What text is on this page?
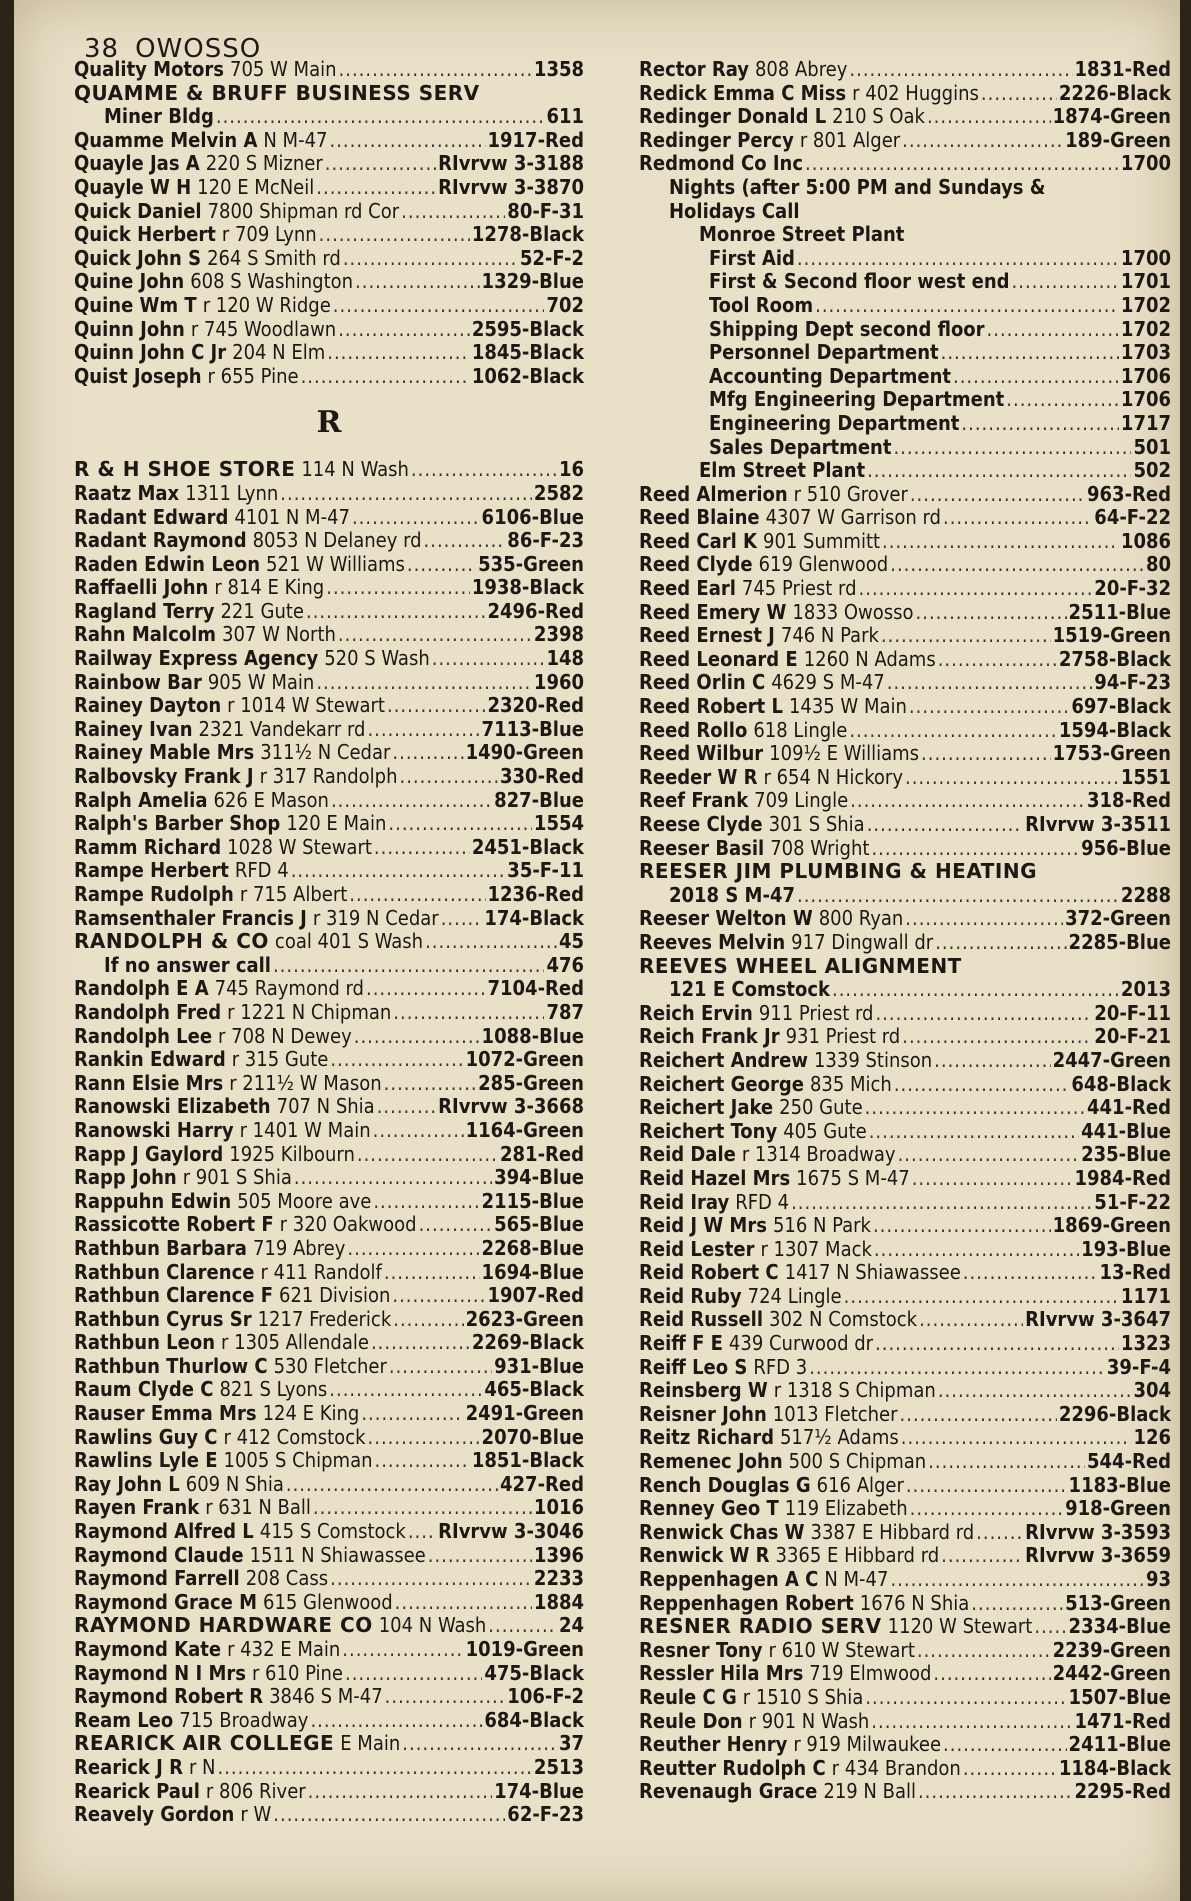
38 OWOSSO
Quality Motors 705 W Main .....	1358
QUAMME & BRUFF BUSINESS SERV
Miner Bldg .....	611
Quamme Melvin A N M-47 .....	1917-Red
Quayle Jas A 220 S Mizner .....	RIvrvw 3-3188
Quayle W H 120 E McNeil .....	RIvrvw 3-3870
Quick Daniel 7800 Shipman rd Cor .....	80-F-31
Quick Herbert r 709 Lynn .....	1278-Black
Quick John S 264 S Smith rd .....	52-F-2
Quine John 608 S Washington .....	1329-Blue
Quine Wm T r 120 W Ridge .....	702
Quinn John r 745 Woodlawn .....	2595-Black
Quinn John C Jr 204 N Elm .....	1845-Black
Quist Joseph r 655 Pine .....	1062-Black
R
R & H SHOE STORE 114 N Wash .....	16
Raatz Max 1311 Lynn .....	2582
Radant Edward 4101 N M-47 .....	6106-Blue
Radant Raymond 8053 N Delaney rd .....	86-F-23
Raden Edwin Leon 521 W Williams .....	535-Green
Raffaelli John r 814 E King .....	1938-Black
Ragland Terry 221 Gute .....	2496-Red
Rahn Malcolm 307 W North .....	2398
Railway Express Agency 520 S Wash .....	148
Rainbow Bar 905 W Main .....	1960
Rainey Dayton r 1014 W Stewart .....	2320-Red
Rainey Ivan 2321 Vandekarr rd .....	7113-Blue
Rainey Mable Mrs 311½ N Cedar .....	1490-Green
Ralbovsky Frank J r 317 Randolph .....	330-Red
Ralph Amelia 626 E Mason .....	827-Blue
Ralph's Barber Shop 120 E Main .....	1554
Ramm Richard 1028 W Stewart .....	2451-Black
Rampe Herbert RFD 4 .....	35-F-11
Rampe Rudolph r 715 Albert .....	1236-Red
Ramsenthaler Francis J r 319 N Cedar ..... 174-Black
RANDOLPH & CO coal 401 S Wash .....	45
If no answer call .....	476
Randolph E A 745 Raymond rd .....	7104-Red
Randolph Fred r 1221 N Chipman .....	787
Randolph Lee r 708 N Dewey .....	1088-Blue
Rankin Edward r 315 Gute .....	1072-Green
Rann Elsie Mrs r 211½ W Mason .....	285-Green
Ranowski Elizabeth 707 N Shia .....	RIvrvw 3-3668
Ranowski Harry r 1401 W Main .....	1164-Green
Rapp J Gaylord 1925 Kilbourn .....	281-Red
Rapp John r 901 S Shia .....	394-Blue
Rappuhn Edwin 505 Moore ave .....	2115-Blue
Rassicotte Robert F r 320 Oakwood .....	565-Blue
Rathbun Barbara 719 Abrey .....	2268-Blue
Rathbun Clarence r 411 Randolf .....	1694-Blue
Rathbun Clarence F 621 Division .....	1907-Red
Rathbun Cyrus Sr 1217 Frederick .....	2623-Green
Rathbun Leon r 1305 Allendale .....	2269-Black
Rathbun Thurlow C 530 Fletcher .....	931-Blue
Raum Clyde C 821 S Lyons .....	465-Black
Rauser Emma Mrs 124 E King .....	2491-Green
Rawlins Guy C r 412 Comstock .....	2070-Blue
Rawlins Lyle E 1005 S Chipman .....	1851-Black
Ray John L 609 N Shia .....	427-Red
Rayen Frank r 631 N Ball .....	1016
Raymond Alfred L 415 S Comstock ..... RIvrvw 3-3046
Raymond Claude 1511 N Shiawassee .....	1396
Raymond Farrell 208 Cass .....	2233
Raymond Grace M 615 Glenwood .....	1884
RAYMOND HARDWARE CO 104 N Wash .....	24
Raymond Kate r 432 E Main .....	1019-Green
Raymond N I Mrs r 610 Pine .....	475-Black
Raymond Robert R 3846 S M-47 .....	106-F-2
Ream Leo 715 Broadway .....	684-Black
REARICK AIR COLLEGE E Main .....	37
Rearick J R r N .....	2513
Rearick Paul r 806 River .....	174-Blue
Reavely Gordon r W .....	62-F-23
Rector Ray 808 Abrey .....	1831-Red
Redick Emma C Miss r 402 Huggins .....	2226-Black
Redinger Donald L 210 S Oak .....	1874-Green
Redinger Percy r 801 Alger .....	189-Green
Redmond Co Inc .....	1700
Nights (after 5:00 PM and Sundays &
Holidays Call
Monroe Street Plant
First Aid .....	1700
First & Second floor west end .....	1701
Tool Room .....	1702
Shipping Dept second floor .....	1702
Personnel Department .....	1703
Accounting Department .....	1706
Mfg Engineering Department .....	1706
Engineering Department .....	1717
Sales Department .....	501
Elm Street Plant .....	502
Reed Almerion r 510 Grover .....	963-Red
Reed Blaine 4307 W Garrison rd .....	64-F-22
Reed Carl K 901 Summitt .....	1086
Reed Clyde 619 Glenwood .....	80
Reed Earl 745 Priest rd .....	20-F-32
Reed Emery W 1833 Owosso .....	2511-Blue
Reed Ernest J 746 N Park .....	1519-Green
Reed Leonard E 1260 N Adams .....	2758-Black
Reed Orlin C 4629 S M-47 .....	94-F-23
Reed Robert L 1435 W Main .....	697-Black
Reed Rollo 618 Lingle .....	1594-Black
Reed Wilbur 109½ E Williams .....	1753-Green
Reeder W R r 654 N Hickory .....	1551
Reef Frank 709 Lingle .....	318-Red
Reese Clyde 301 S Shia .....	RIvrvw 3-3511
Reeser Basil 708 Wright .....	956-Blue
REESER JIM PLUMBING & HEATING
2018 S M-47 .....	2288
Reeser Welton W 800 Ryan .....	372-Green
Reeves Melvin 917 Dingwall dr .....	2285-Blue
REEVES WHEEL ALIGNMENT
121 E Comstock .....	2013
Reich Ervin 911 Priest rd .....	20-F-11
Reich Frank Jr 931 Priest rd .....	20-F-21
Reichert Andrew 1339 Stinson .....	2447-Green
Reichert George 835 Mich .....	648-Black
Reichert Jake 250 Gute .....	441-Red
Reichert Tony 405 Gute .....	441-Blue
Reid Dale r 1314 Broadway .....	235-Blue
Reid Hazel Mrs 1675 S M-47 .....	1984-Red
Reid Iray RFD 4 .....	51-F-22
Reid J W Mrs 516 N Park .....	1869-Green
Reid Lester r 1307 Mack .....	193-Blue
Reid Robert C 1417 N Shiawassee .....	13-Red
Reid Ruby 724 Lingle .....	1171
Reid Russell 302 N Comstock .....	RIvrvw 3-3647
Reiff F E 439 Curwood dr .....	1323
Reiff Leo S RFD 3 .....	39-F-4
Reinsberg W r 1318 S Chipman .....	304
Reisner John 1013 Fletcher .....	2296-Black
Reitz Richard 517½ Adams .....	126
Remenec John 500 S Chipman .....	544-Red
Rench Douglas G 616 Alger .....	1183-Blue
Renney Geo T 119 Elizabeth .....	918-Green
Renwick Chas W 3387 E Hibbard rd .....	RIvrvw 3-3593
Renwick W R 3365 E Hibbard rd .....	RIvrvw 3-3659
Reppenhagen A C N M-47 .....	93
Reppenhagen Robert 1676 N Shia .....	513-Green
RESNER RADIO SERV 1120 W Stewart ..... 2334-Blue
Resner Tony r 610 W Stewart .....	2239-Green
Ressler Hila Mrs 719 Elmwood .....	2442-Green
Reule C G r 1510 S Shia .....	1507-Blue
Reule Don r 901 N Wash .....	1471-Red
Reuther Henry r 919 Milwaukee .....	2411-Blue
Reutter Rudolph C r 434 Brandon .....	1184-Black
Revenaugh Grace 219 N Ball .....	2295-Red
